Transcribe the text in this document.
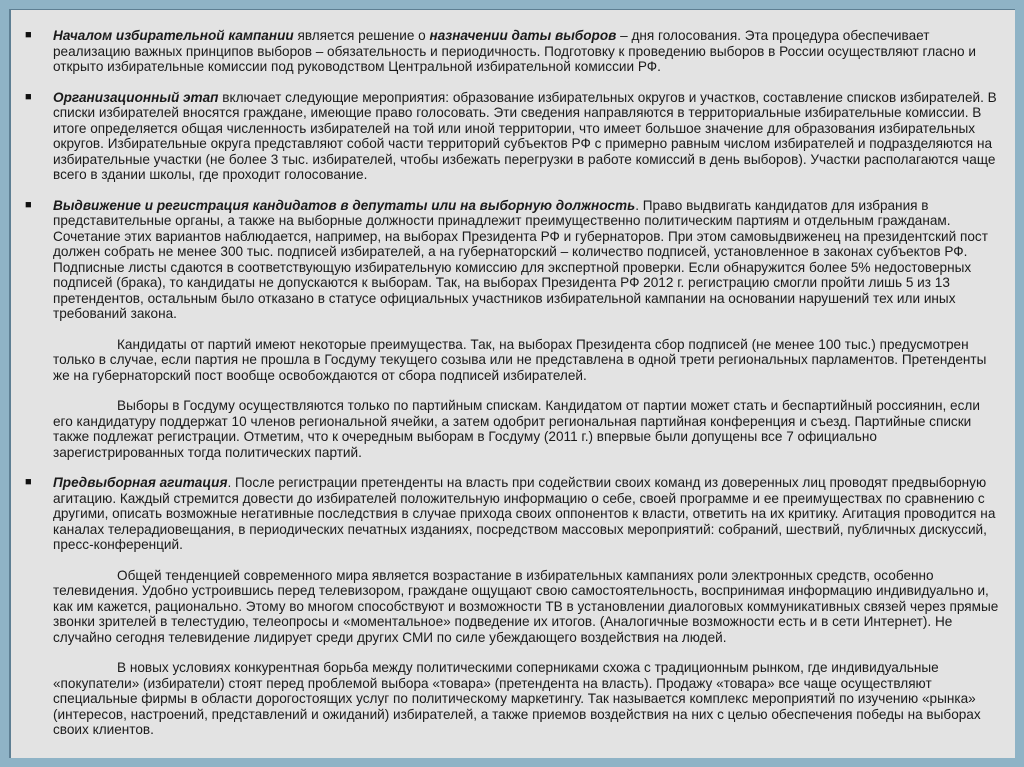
■ Началом избирательной кампании является решение о назначении даты выборов – дня голосования. Эта процедура обеспечивает реализацию важных принципов выборов – обязательность и периодичность. Подготовку к проведению выборов в России осуществляют гласно и открыто избирательные комиссии под руководством Центральной избирательной комиссии РФ.

■ Организационный этап включает следующие мероприятия: образование избирательных округов и участков, составление списков избирателей. В списки избирателей вносятся граждане, имеющие право голосовать. Эти сведения направляются в территориальные избирательные комиссии. В итоге определяется общая численность избирателей на той или иной территории, что имеет большое значение для образования избирательных округов. Избирательные округа представляют собой части территорий субъектов РФ с примерно равным числом избирателей и подразделяются на избирательные участки (не более 3 тыс. избирателей, чтобы избежать перегрузки в работе комиссий в день выборов). Участки располагаются чаще всего в здании школы, где проходит голосование.

■ Выдвижение и регистрация кандидатов в депутаты или на выборную должность. Право выдвигать кандидатов для избрания в представительные органы, а также на выборные должности принадлежит преимущественно политическим партиям и отдельным гражданам. Сочетание этих вариантов наблюдается, например, на выборах Президента РФ и губернаторов. При этом самовыдвиженец на президентский пост должен собрать не менее 300 тыс. подписей избирателей, а на губернаторский – количество подписей, установленное в законах субъектов РФ. Подписные листы сдаются в соответствующую избирательную комиссию для экспертной проверки. Если обнаружится более 5% недостоверных подписей (брака), то кандидаты не допускаются к выборам. Так, на выборах Президента РФ 2012 г. регистрацию смогли пройти лишь 5 из 13 претендентов, остальным было отказано в статусе официальных участников избирательной кампании на основании нарушений тех или иных требований закона.

Кандидаты от партий имеют некоторые преимущества. Так, на выборах Президента сбор подписей (не менее 100 тыс.) предусмотрен только в случае, если партия не прошла в Госдуму текущего созыва или не представлена в одной трети региональных парламентов. Претенденты же на губернаторский пост вообще освобождаются от сбора подписей избирателей.

Выборы в Госдуму осуществляются только по партийным спискам. Кандидатом от партии может стать и беспартийный россиянин, если его кандидатуру поддержат 10 членов региональной ячейки, а затем одобрит региональная партийная конференция и съезд. Партийные списки также подлежат регистрации. Отметим, что к очередным выборам в Госдуму (2011 г.) впервые были допущены все 7 официально зарегистрированных тогда политических партий.

■ Предвыборная агитация. После регистрации претенденты на власть при содействии своих команд из доверенных лиц проводят предвыборную агитацию. Каждый стремится довести до избирателей положительную информацию о себе, своей программе и ее преимуществах по сравнению с другими, описать возможные негативные последствия в случае прихода своих оппонентов к власти, ответить на их критику. Агитация проводится на каналах телерадиовещания, в периодических печатных изданиях, посредством массовых мероприятий: собраний, шествий, публичных дискуссий, пресс-конференций.

Общей тенденцией современного мира является возрастание в избирательных кампаниях роли электронных средств, особенно телевидения. Удобно устроившись перед телевизором, граждане ощущают свою самостоятельность, воспринимая информацию индивидуально и, как им кажется, рационально. Этому во многом способствуют и возможности ТВ в установлении диалоговых коммуникативных связей через прямые звонки зрителей в телестудию, телеопросы и «моментальное» подведение их итогов. (Аналогичные возможности есть и в сети Интернет). Не случайно сегодня телевидение лидирует среди других СМИ по силе убеждающего воздействия на людей.

В новых условиях конкурентная борьба между политическими соперниками схожа с традиционным рынком, где индивидуальные «покупатели» (избиратели) стоят перед проблемой выбора «товара» (претендента на власть). Продажу «товара» все чаще осуществляют специальные фирмы в области дорогостоящих услуг по политическому маркетингу. Так называется комплекс мероприятий по изучению «рынка» (интересов, настроений, представлений и ожиданий) избирателей, а также приемов воздействия на них с целью обеспечения победы на выборах своих клиентов.
